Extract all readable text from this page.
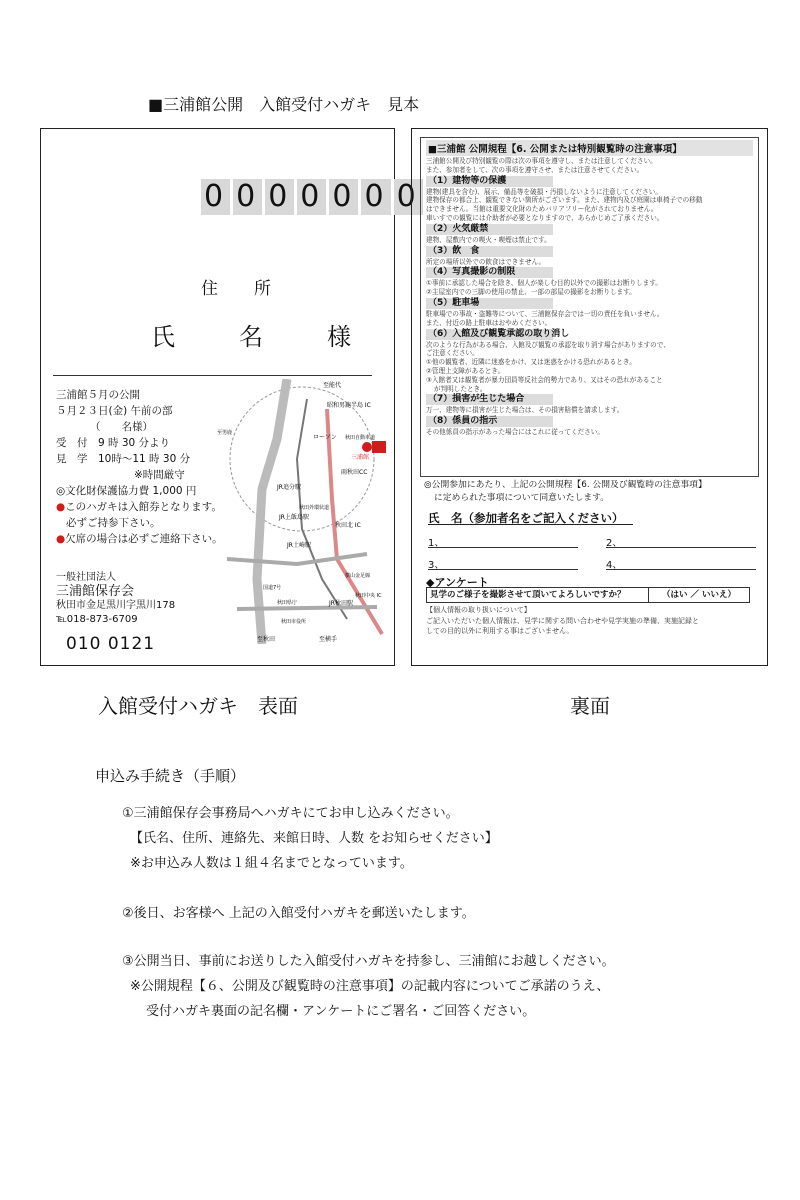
■三浦館公開　入館受付ハガキ　見本
0 0 0 0 0 0 0
住所
氏	名	様
三浦館５月の公開
５月２３日(金) 午前の部
（　　名様）
受　付　9 時 30 分より
見　学　10時～11 時 30 分
※時間厳守
◎文化財保護協力費 1,000 円
●このハガキは入館券となります。
必ずご持参下さい。
●欠席の場合は必ずご連絡下さい。
一般社団法人
三浦館保存会
秋田市金足黒川字黒川178
℡018-873-6709
010 0121
至能代
昭和男鹿半島 IC
秋田自動車道
ローソン
三浦館
雨秋田CC
JR追分駅
至男鹿
秋田外環状道
JR上飯島駅
秋田北 IC
JR土崎駅
国道7号
秋田県庁
横山金足線
JR秋田駅
秋田中央 IC
秋田市役所
至秋田	至横手
■三浦館 公開規程【6. 公開または特別観覧時の注意事項】
三浦館公開及び特別観覧の際は次の事項を遵守し、または注意してください。
また、参加者をして、次の事項を遵守させ、または注意させてください。
（1）建物等の保護
建物(建具を含む)、展示、備品等を破損・汚損しないように注意してください。
建物保存の都合上、観覧できない箇所がございます。また、建物内及び庭園は車椅子での移動
はできません。当館は重要文化財のためバリアフリー化がされておりません。
車いすでの観覧には介助者が必要となりますので、あらかじめご了承ください。
（2）火気厳禁
建物、屋敷内での喫火・喫煙は禁止です。
（3）飲　食
所定の場所以外での飲食はできません。
（4）写真撮影の制限
①事前に承認した場合を除き、個人が楽しむ目的以外での撮影はお断りします。
②主屋室内での三脚の使用の禁止、一部の部屋の撮影をお断りします。
（5）駐車場
駐車場での事故・盗難等について、三浦館保存会では一切の責任を負いません。
また、付近の路上駐車はおやめください。
（6）入館及び観覧承認の取り消し
次のような行為がある場合、入館及び観覧の承認を取り消す場合がありますので、
ご注意ください。
①他の観覧者、近隣に迷惑をかけ、又は迷惑をかける恐れがあるとき。
②管理上支障があるとき。
③入館者又は観覧者が暴力団員等反社会的勢力であり、又はその恐れがあること
が判明したとき。
（7）損害が生じた場合
万一、建物等に損害が生じた場合は、その損害賠償を請求します。
（8）係員の指示
その他係員の指示があった場合にはこれに従ってください。
◎公開参加にあたり、上記の公開規程【6. 公開及び観覧時の注意事項】
に定められた事項について同意いたします。
氏　名（参加者名をご記入ください）
1、	2、
3、	4、
◆アンケート
見学のご様子を撮影させて頂いてよろしいですか？	（はい ／ いいえ）
【個人情報の取り扱いについて】
ご記入いただいた個人情報は、見学に関する問い合わせや見学実施の準備、実施記録と
しての目的以外に利用する事はございません。
入館受付ハガキ　表面	裏面
申込み手続き（手順）
①三浦館保存会事務局へハガキにてお申し込みください。
【氏名、住所、連絡先、来館日時、人数 をお知らせください】
※お申込み人数は１組４名までとなっています。
②後日、お客様へ 上記の入館受付ハガキを郵送いたします。
③公開当日、事前にお送りした入館受付ハガキを持参し、三浦館にお越しください。
※公開規程【６、公開及び観覧時の注意事項】の記載内容についてご承諾のうえ、
受付ハガキ裏面の記名欄・アンケートにご署名・ご回答ください。
